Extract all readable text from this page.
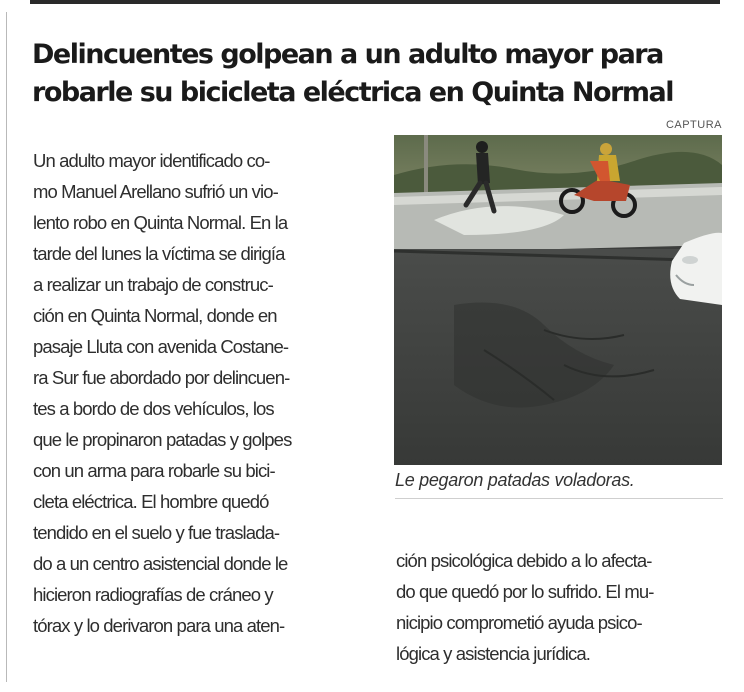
Delincuentes golpean a un adulto mayor para
robarle su bicicleta eléctrica en Quinta Normal
CAPTURA

Un adulto mayor identificado co-
mo Manuel Arellano sufrió un vio-
lento robo en Quinta Normal. En la
tarde del lunes la víctima se dirigía
a realizar un trabajo de construc-
ción en Quinta Normal, donde en
pasaje Lluta con avenida Costane-
ra Sur fue abordado por delincuen-
tes a bordo de dos vehículos, los
que le propinaron patadas y golpes
con un arma para robarle su bici-
cleta eléctrica. El hombre quedó
tendido en el suelo y fue traslada-
do a un centro asistencial donde le
hicieron radiografías de cráneo y
tórax y lo derivaron para una aten-

Le pegaron patadas voladoras.

ción psicológica debido a lo afecta-
do que quedó por lo sufrido. El mu-
nicipio comprometió ayuda psico-
lógica y asistencia jurídica.
